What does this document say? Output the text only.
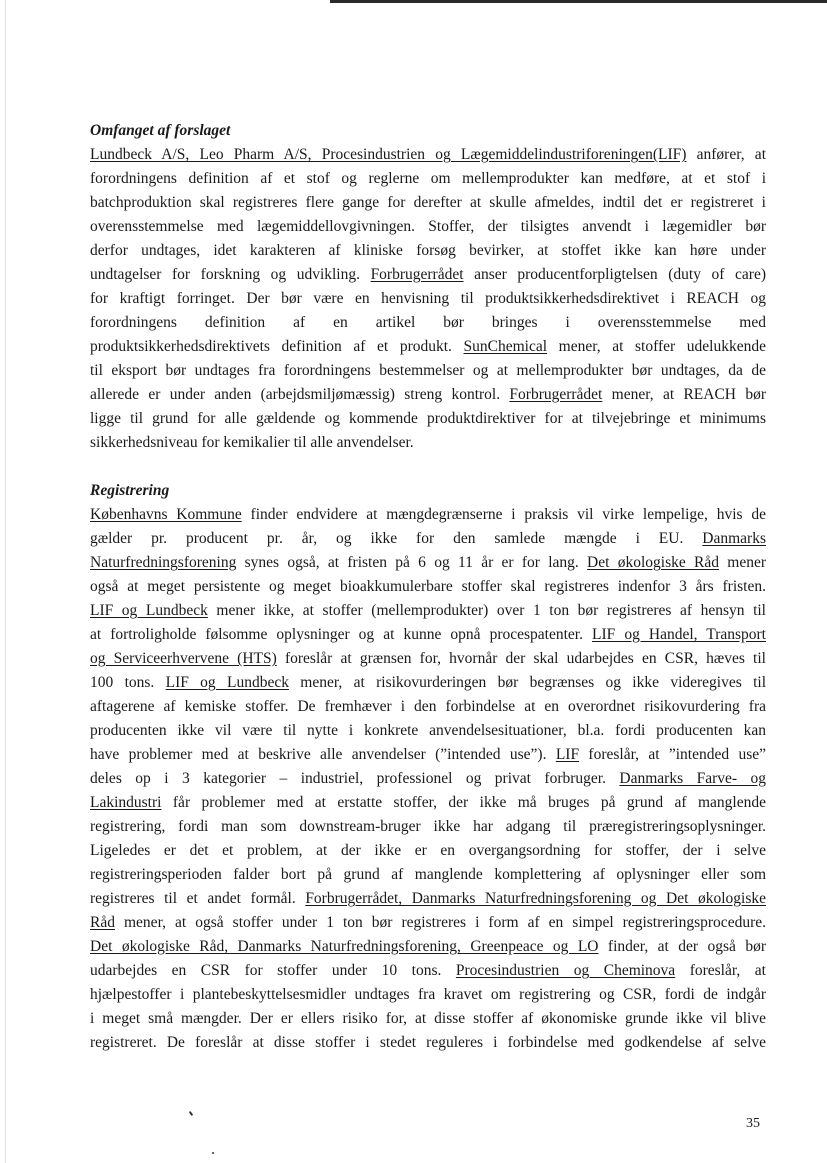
Omfanget af forslaget

Lundbeck A/S, Leo Pharm A/S, Procesindustrien og Lægemiddelindustriforeningen(LIF) anfører, at

forordningens definition af et stof og reglerne om mellemprodukter kan medføre, at et stof i

batchproduktion skal registreres flere gange for derefter at skulle afmeldes, indtil det er registreret i

overensstemmelse med lægemiddellovgivningen. Stoffer, der tilsigtes anvendt i lægemidler bør

derfor undtages, idet karakteren af kliniske forsøg bevirker, at stoffet ikke kan høre under

undtagelser for forskning og udvikling. Forbrugerrådet anser producentforpligtelsen (duty of care)

for kraftigt forringet. Der bør være en henvisning til produktsikkerhedsdirektivet i REACH og

forordningens definition af en artikel bør bringes i overensstemmelse med

produktsikkerhedsdirektivets definition af et produkt. SunChemical mener, at stoffer udelukkende

til eksport bør undtages fra forordningens bestemmelser og at mellemprodukter bør undtages, da de

allerede er under anden (arbejdsmiljømæssig) streng kontrol. Forbrugerrådet mener, at REACH bør

ligge til grund for alle gældende og kommende produktdirektiver for at tilvejebringe et minimums

sikkerhedsniveau for kemikalier til alle anvendelser.

Registrering

Københavns Kommune finder endvidere at mængdegrænserne i praksis vil virke lempelige, hvis de

gælder pr. producent pr. år, og ikke for den samlede mængde i EU. Danmarks

Naturfredningsforening synes også, at fristen på 6 og 11 år er for lang. Det økologiske Råd mener

også at meget persistente og meget bioakkumulerbare stoffer skal registreres indenfor 3 års fristen.

LIF og Lundbeck mener ikke, at stoffer (mellemprodukter) over 1 ton bør registreres af hensyn til

at fortroligholde følsomme oplysninger og at kunne opnå procespatenter. LIF og Handel, Transport

og Serviceerhvervene (HTS) foreslår at grænsen for, hvornår der skal udarbejdes en CSR, hæves til

100 tons. LIF og Lundbeck mener, at risikovurderingen bør begrænses og ikke videregives til

aftagerene af kemiske stoffer. De fremhæver i den forbindelse at en overordnet risikovurdering fra

producenten ikke vil være til nytte i konkrete anvendelsesituationer, bl.a. fordi producenten kan

have problemer med at beskrive alle anvendelser (”intended use”). LIF foreslår, at ”intended use”

deles op i 3 kategorier – industriel, professionel og privat forbruger. Danmarks Farve- og

Lakindustri får problemer med at erstatte stoffer, der ikke må bruges på grund af manglende

registrering, fordi man som downstream-bruger ikke har adgang til præregistreringsoplysninger.

Ligeledes er det et problem, at der ikke er en overgangsordning for stoffer, der i selve

registreringsperioden falder bort på grund af manglende komplettering af oplysninger eller som

registreres til et andet formål. Forbrugerrådet, Danmarks Naturfredningsforening og Det økologiske

Råd mener, at også stoffer under 1 ton bør registreres i form af en simpel registreringsprocedure.

Det økologiske Råd, Danmarks Naturfredningsforening, Greenpeace og LO finder, at der også bør

udarbejdes en CSR for stoffer under 10 tons. Procesindustrien og Cheminova foreslår, at

hjælpestoffer i plantebeskyttelsesmidler undtages fra kravet om registrering og CSR, fordi de indgår

i meget små mængder. Der er ellers risiko for, at disse stoffer af økonomiske grunde ikke vil blive

registreret. De foreslår at disse stoffer i stedet reguleres i forbindelse med godkendelse af selve

35
